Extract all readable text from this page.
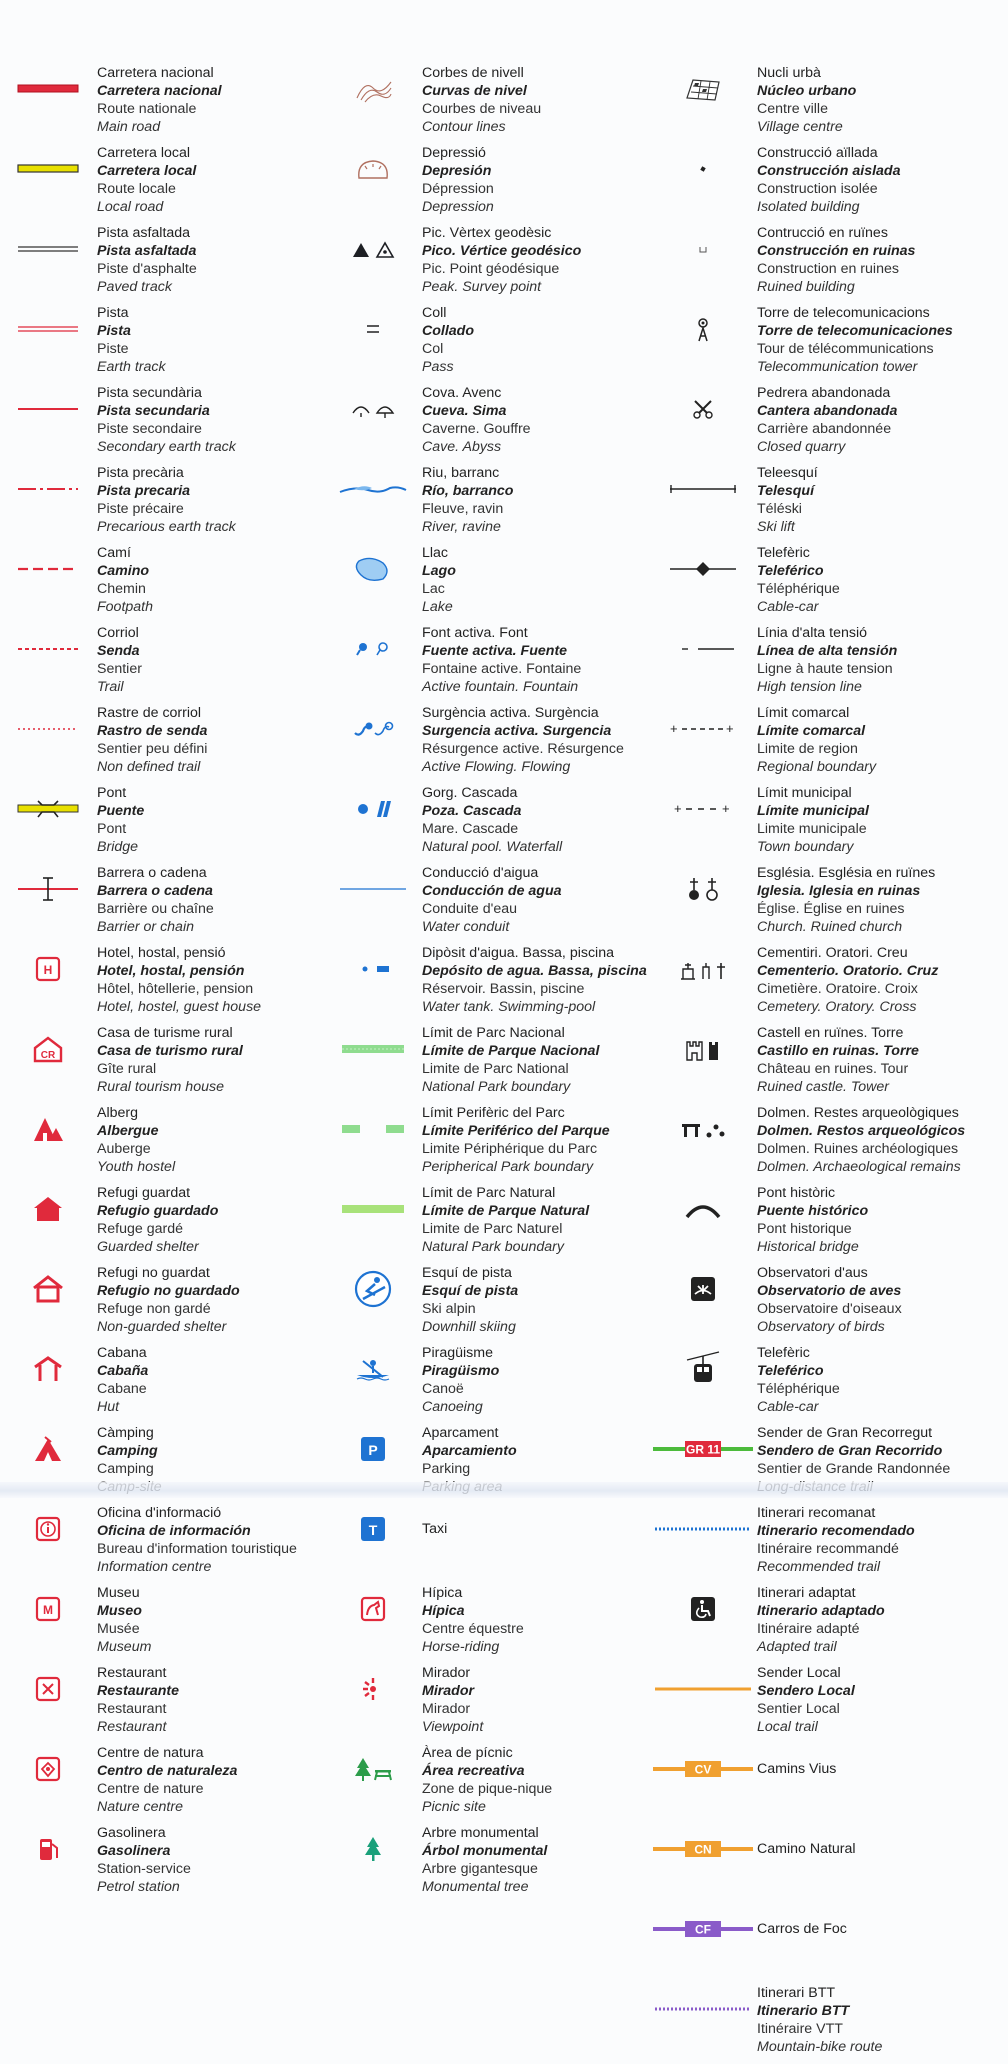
Carretera nacional
Carretera nacional
Route nationale
Main road
Carretera local
Carretera local
Route locale
Local road
Pista asfaltada
Pista asfaltada
Piste d'asphalte
Paved track
Pista
Pista
Piste
Earth track
Pista secundària
Pista secundaria
Piste secondaire
Secondary earth track
Pista precària
Pista precaria
Piste précaire
Precarious earth track
Camí
Camino
Chemin
Footpath
Corriol
Senda
Sentier
Trail
Rastre de corriol
Rastro de senda
Sentier peu défini
Non defined trail
Pont
Puente
Pont
Bridge
Barrera o cadena
Barrera o cadena
Barrière ou chaîne
Barrier or chain
H
Hotel, hostal, pensió
Hotel, hostal, pensión
Hôtel, hôtellerie, pension
Hotel, hostel, guest house
CR
Casa de turisme rural
Casa de turismo rural
Gîte rural
Rural tourism house
Alberg
Albergue
Auberge
Youth hostel
Refugi guardat
Refugio guardado
Refuge gardé
Guarded shelter
Refugi no guardat
Refugio no guardado
Refuge non gardé
Non-guarded shelter
Cabana
Cabaña
Cabane
Hut
Càmping
Camping
Camping
Oficina d'informació
Oficina de información
Bureau d'information touristique
Information centre
M
Museu
Museo
Musée
Museum
Restaurant
Restaurante
Restaurant
Restaurant
Centre de natura
Centro de naturaleza
Centre de nature
Nature centre
Gasolinera
Gasolinera
Station-service
Petrol station
Corbes de nivell
Curvas de nivel
Courbes de niveau
Contour lines
Depressió
Depresión
Dépression
Depression
Pic. Vèrtex geodèsic
Pico. Vértice geodésico
Pic. Point géodésique
Peak. Survey point
Coll
Collado
Col
Pass
Cova. Avenc
Cueva. Sima
Caverne. Gouffre
Cave. Abyss
Riu, barranc
Río, barranco
Fleuve, ravin
River, ravine
Llac
Lago
Lac
Lake
Font activa. Font
Fuente activa. Fuente
Fontaine active. Fontaine
Active fountain. Fountain
Surgència activa. Surgència
Surgencia activa. Surgencia
Résurgence active. Résurgence
Active Flowing. Flowing
Gorg. Cascada
Poza. Cascada
Mare. Cascade
Natural pool. Waterfall
Conducció d'aigua
Conducción de agua
Conduite d'eau
Water conduit
Dipòsit d'aigua. Bassa, piscina
Depósito de agua. Bassa, piscina
Réservoir. Bassin, piscine
Water tank. Swimming-pool
Límit de Parc Nacional
Límite de Parque Nacional
Limite de Parc National
National Park boundary
Límit Perifèric del Parc
Límite Periférico del Parque
Limite Périphérique du Parc
Peripherical Park boundary
Límit de Parc Natural
Límite de Parque Natural
Limite de Parc Naturel
Natural Park boundary
Esquí de pista
Esquí de pista
Ski alpin
Downhill skiing
Piragüisme
Piragüismo
Canoë
Canoeing
P
Aparcament
Aparcamiento
Parking
T	Taxi
Hípica
Hípica
Centre équestre
Horse-riding
Mirador
Mirador
Mirador
Viewpoint
Àrea de pícnic
Área recreativa
Zone de pique-nique
Picnic site
Arbre monumental
Árbol monumental
Arbre gigantesque
Monumental tree
Nucli urbà
Núcleo urbano
Centre ville
Village centre
Construcció aïllada
Construcción aislada
Construction isolée
Isolated building
Contrucció en ruïnes
Construcción en ruinas
Construction en ruines
Ruined building
Torre de telecomunicacions
Torre de telecomunicaciones
Tour de télécommunications
Telecommunication tower
Pedrera abandonada
Cantera abandonada
Carrière abandonnée
Closed quarry
Teleesquí
Telesquí
Téléski
Ski lift
Telefèric
Teleférico
Téléphérique
Cable-car
Línia d'alta tensió
Línea de alta tensión
Ligne à haute tension
High tension line
+	+
Límit comarcal
Límite comarcal
Limite de region
Regional boundary
+	+
Límit municipal
Límite municipal
Limite municipale
Town boundary
Església. Església en ruïnes
Iglesia. Iglesia en ruinas
Église. Église en ruines
Church. Ruined church
Cementiri. Oratori. Creu
Cementerio. Oratorio. Cruz
Cimetière. Oratoire. Croix
Cemetery. Oratory. Cross
Castell en ruïnes. Torre
Castillo en ruinas. Torre
Château en ruines. Tour
Ruined castle. Tower
Dolmen. Restes arqueològiques
Dolmen. Restos arqueológicos
Dolmen. Ruines archéologiques
Dolmen. Archaeological remains
Pont històric
Puente histórico
Pont historique
Historical bridge
Observatori d'aus
Observatorio de aves
Observatoire d'oiseaux
Observatory of birds
Telefèric
Teleférico
Téléphérique
Cable-car
GR 11
Sender de Gran Recorregut
Sendero de Gran Recorrido
Sentier de Grande Randonnée
Itinerari recomanat
Itinerario recomendado
Itinéraire recommandé
Recommended trail
Itinerari adaptat
Itinerario adaptado
Itinéraire adapté
Adapted trail
Sender Local
Sendero Local
Sentier Local
Local trail
CV	Camins Vius
CN	Camino Natural
CF	Carros de Foc
Itinerari BTT
Itinerario BTT
Itinéraire VTT
Mountain-bike route
